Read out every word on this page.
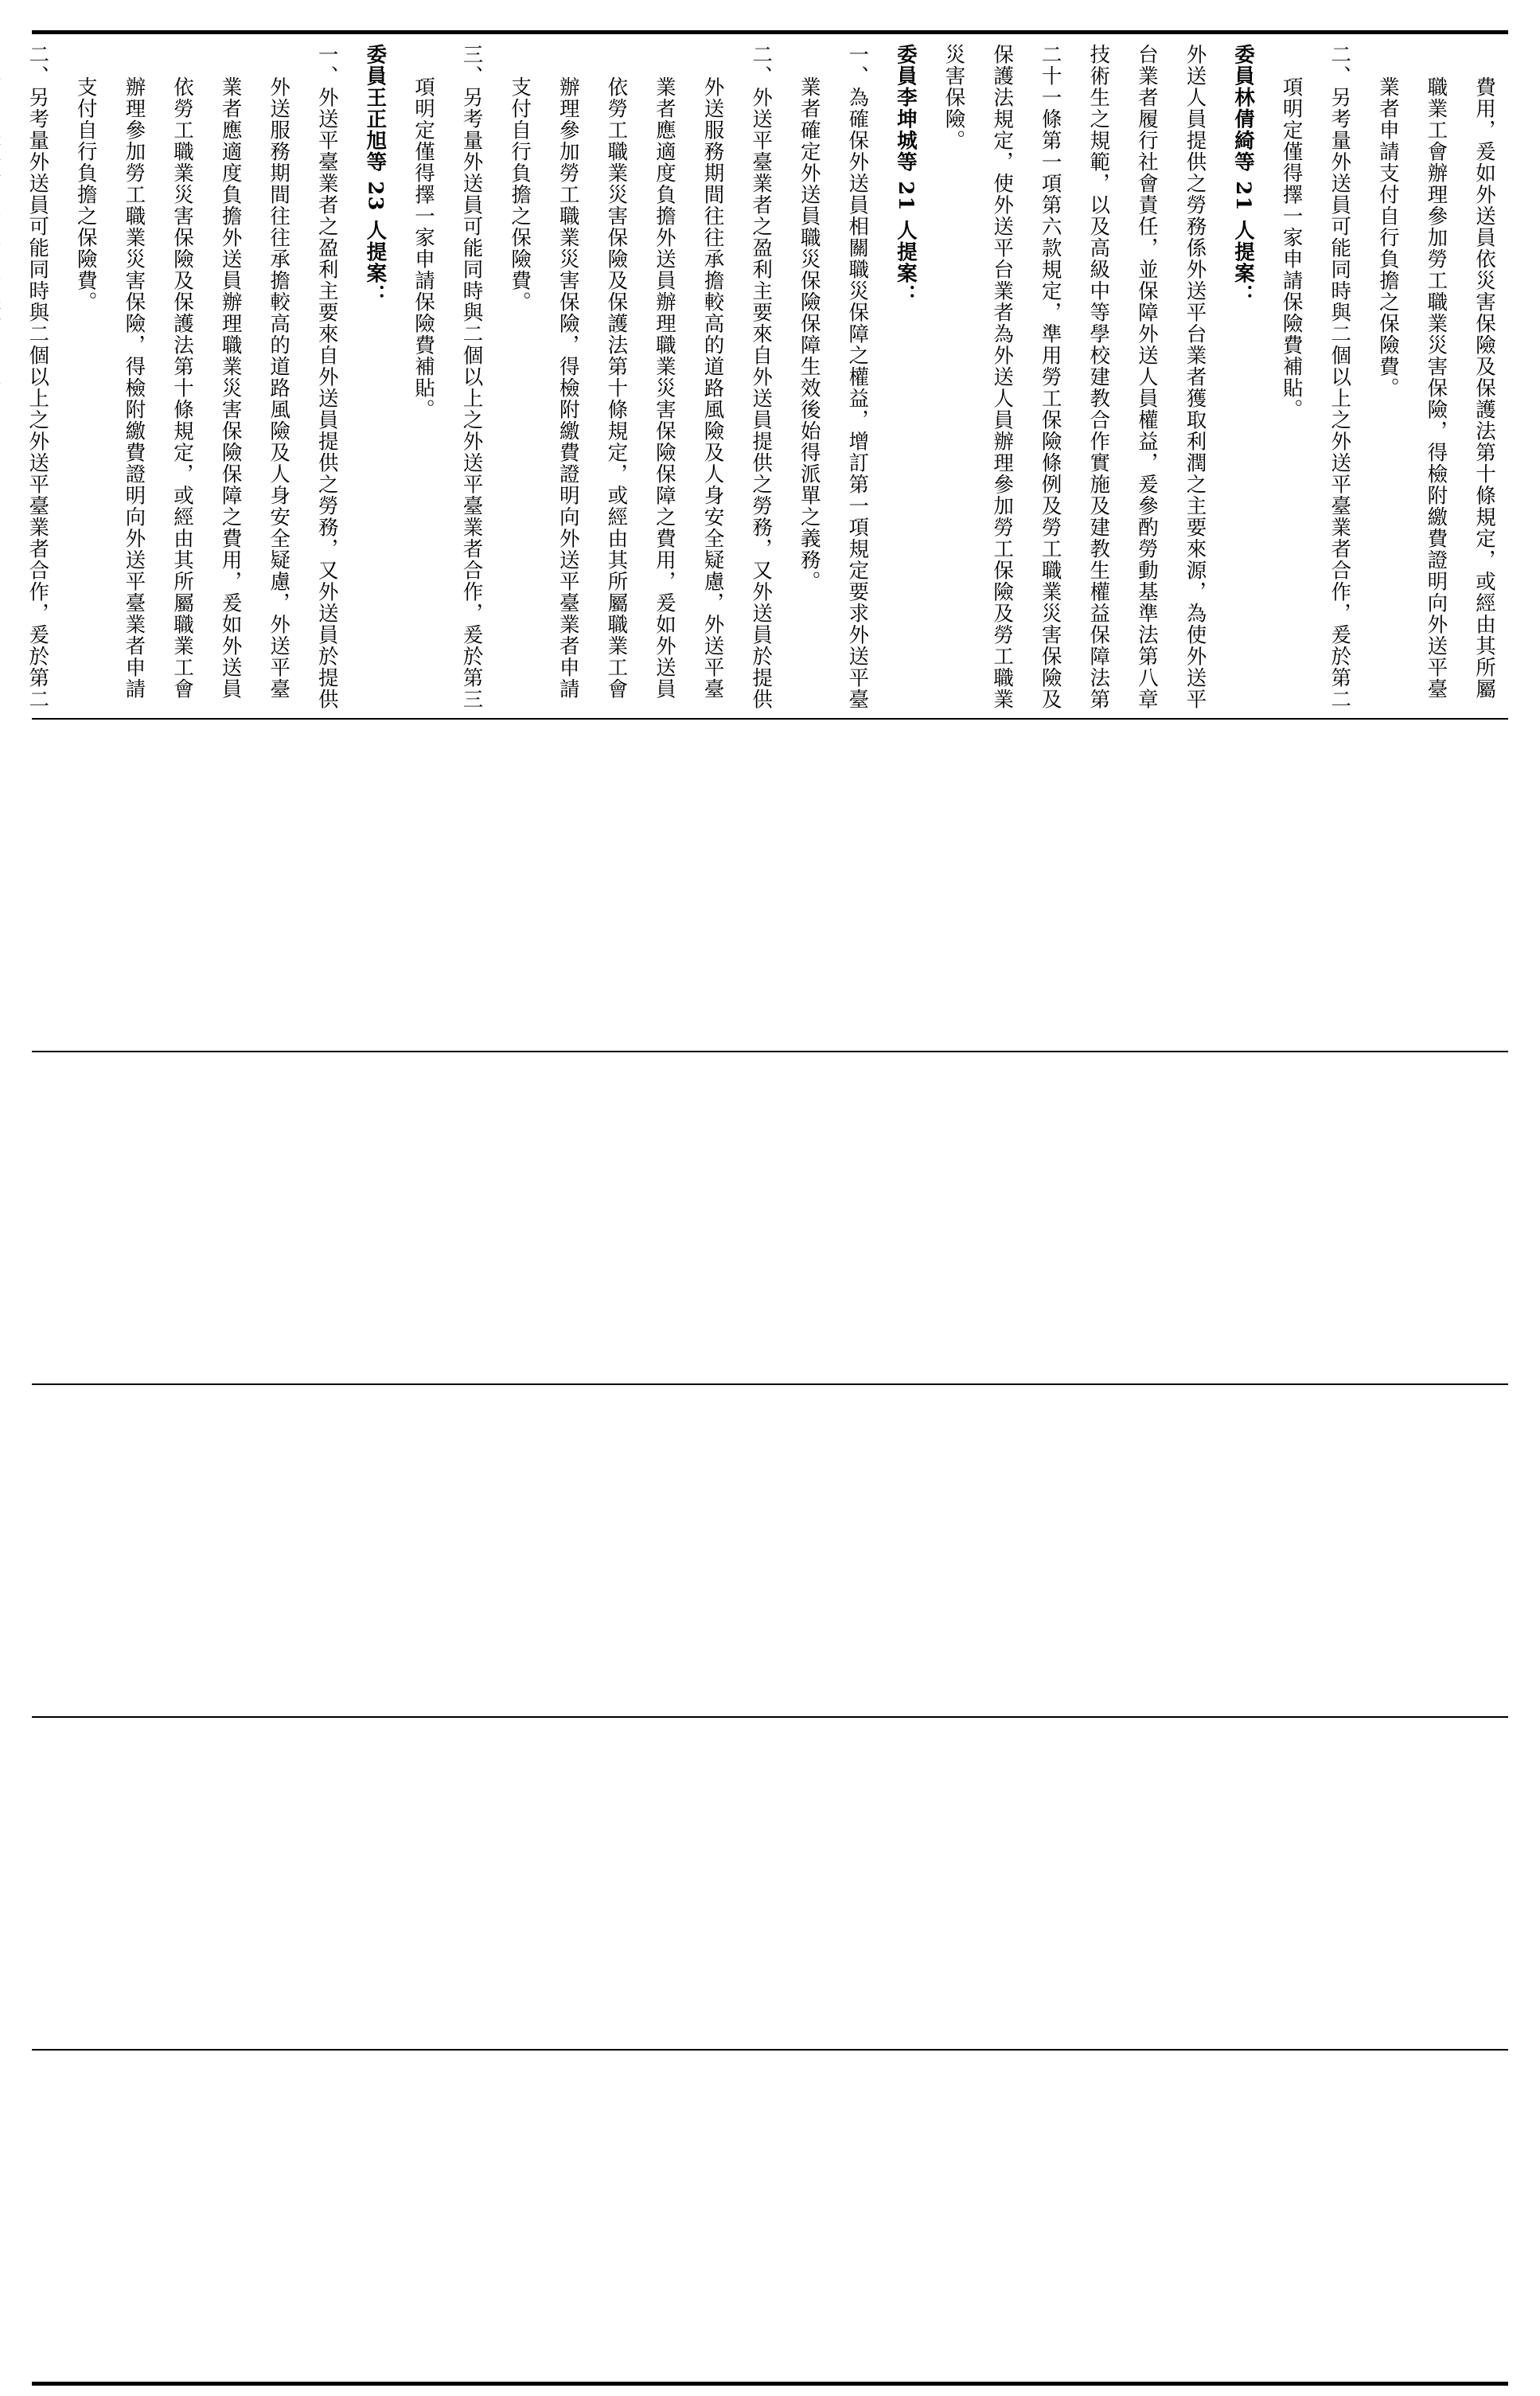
費用，爰如外送員依災害保險及保護法第十條規定，或經由其所屬職業工會辦理參加勞工職業災害保險，得檢附繳費證明向外送平臺業者申請支付自行負擔之保險費。

二、另考量外送員可能同時與二個以上之外送平臺業者合作，爰於第二項明定僅得擇一家申請保險費補貼。

委員林倩綺等 21 人提案：

外送人員提供之勞務係外送平台業者獲取利潤之主要來源，為使外送平台業者履行社會責任，並保障外送人員權益，爰參酌勞動基準法第八章技術生之規範，以及高級中等學校建教合作實施及建教生權益保障法第二十一條第一項第六款規定，準用勞工保險條例及勞工職業災害保險及保護法規定，使外送平台業者為外送人員辦理參加勞工保險及勞工職業災害保險。

委員李坤城等 21 人提案：

一、為確保外送員相關職災保障之權益，增訂第一項規定要求外送平臺業者確定外送員職災保險保障生效後始得派單之義務。

二、外送平臺業者之盈利主要來自外送員提供之勞務，又外送員於提供外送服務期間往往承擔較高的道路風險及人身安全疑慮，外送平臺業者應適度負擔外送員辦理職業災害保險保障之費用，爰如外送員依勞工職業災害保險及保護法第十條規定，或經由其所屬職業工會辦理參加勞工職業災害保險，得檢附繳費證明向外送平臺業者申請支付自行負擔之保險費。

三、另考量外送員可能同時與二個以上之外送平臺業者合作，爰於第三項明定僅得擇一家申請保險費補貼。

委員王正旭等 23 人提案：

一、外送平臺業者之盈利主要來自外送員提供之勞務，又外送員於提供外送服務期間往往承擔較高的道路風險及人身安全疑慮，外送平臺業者應適度負擔外送員辦理職業災害保險保障之費用，爰如外送員依勞工職業災害保險及保護法第十條規定，或經由其所屬職業工會辦理參加勞工職業災害保險，得檢附繳費證明向外送平臺業者申請支付自行負擔之保險費。

二、另考量外送員可能同時與二個以上之外送平臺業者合作，爰於第二
